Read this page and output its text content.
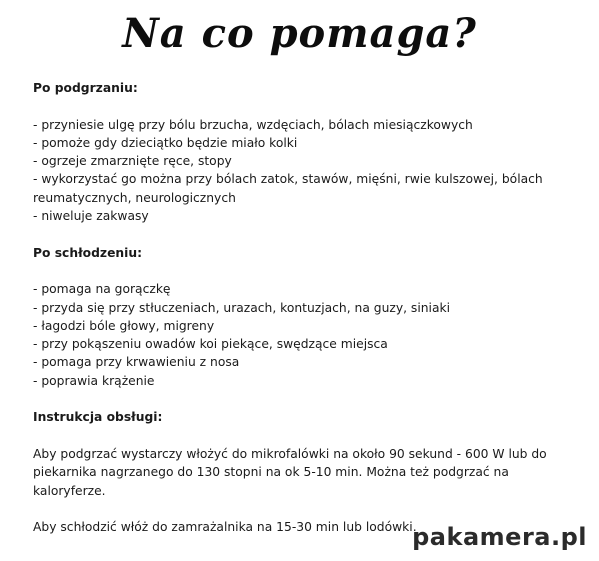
Na co pomaga?

Po podgrzaniu:

- przyniesie ulgę przy bólu brzucha, wzdęciach, bólach miesiączkowych
- pomoże gdy dzieciątko będzie miało kolki
- ogrzeje zmarznięte ręce, stopy
- wykorzystać go można przy bólach zatok, stawów, mięśni, rwie kulszowej, bólach reumatycznych, neurologicznych
- niweluje zakwasy

Po schłodzeniu:

- pomaga na gorączkę
- przyda się przy stłuczeniach, urazach, kontuzjach, na guzy, siniaki
- łagodzi bóle głowy, migreny
- przy pokąszeniu owadów koi piekące, swędzące miejsca
- pomaga przy krwawieniu z nosa
- poprawia krążenie

Instrukcja obsługi:

Aby podgrzać wystarczy włożyć do mikrofalówki na około 90 sekund - 600 W lub do piekarnika nagrzanego do 130 stopni na ok 5-10 min. Można też podgrzać na kaloryferze.

Aby schłodzić włóż do zamrażalnika na 15-30 min lub lodówki.

pakamera.pl
